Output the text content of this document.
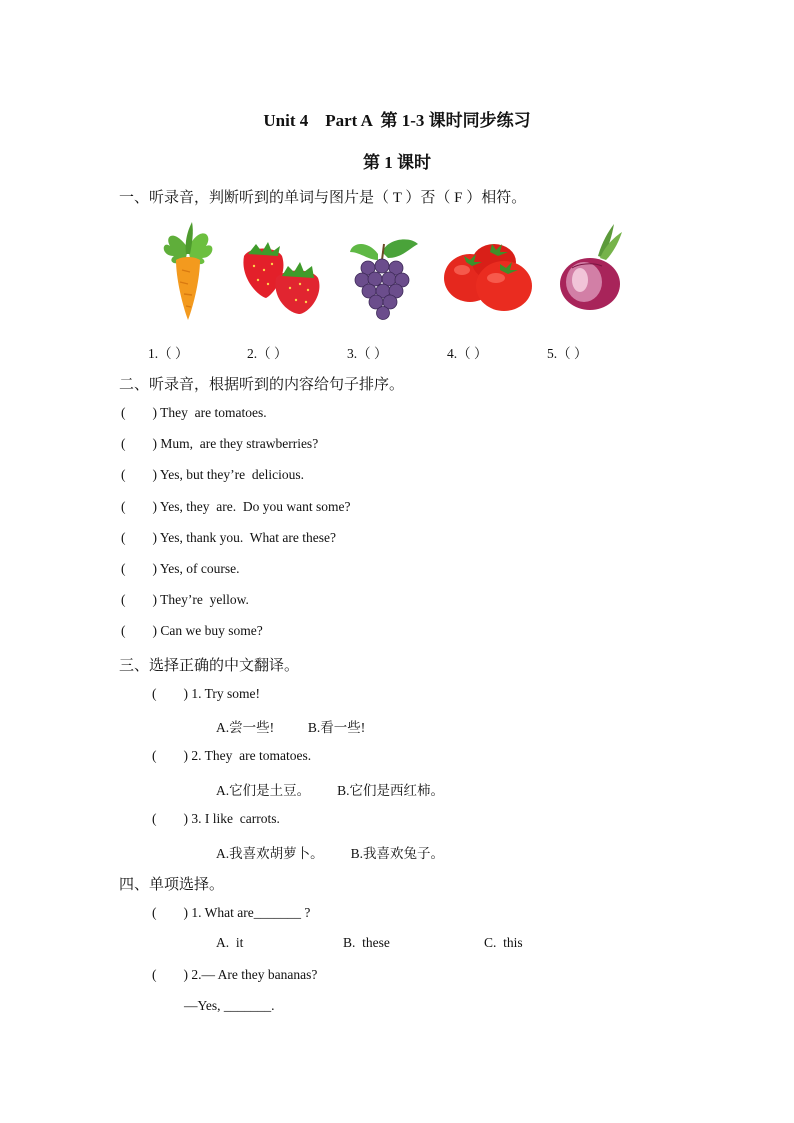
Unit 4    Part A  第 1-3 课时同步练习
第 1 课时
一、听录音，判断听到的单词与图片是（ T ）否（ F ）相符。
1.（ ）	2.（ ）	3.（ ）	4.（ ）	5.（ ）
二、听录音，根据听到的内容给句子排序。
(        ) They  are tomatoes.
(        ) Mum,  are they strawberries?
(        ) Yes, but they’re  delicious.
(        ) Yes, they  are.  Do you want some?
(        ) Yes, thank you.  What are these?
(        ) Yes, of course.
(        ) They’re  yellow.
(        ) Can we buy some?
三、选择正确的中文翻译。
(        ) 1. Try some!
A.尝一些!          B.看一些!
(        ) 2. They  are tomatoes.
A.它们是土豆。        B.它们是西红柿。
(        ) 3. I like  carrots.
A.我喜欢胡萝卜。        B.我喜欢兔子。
四、单项选择。
(        ) 1. What are_______ ?
A.  it	B.  these	C.  this
(        ) 2.— Are they bananas?
—Yes, _______.
